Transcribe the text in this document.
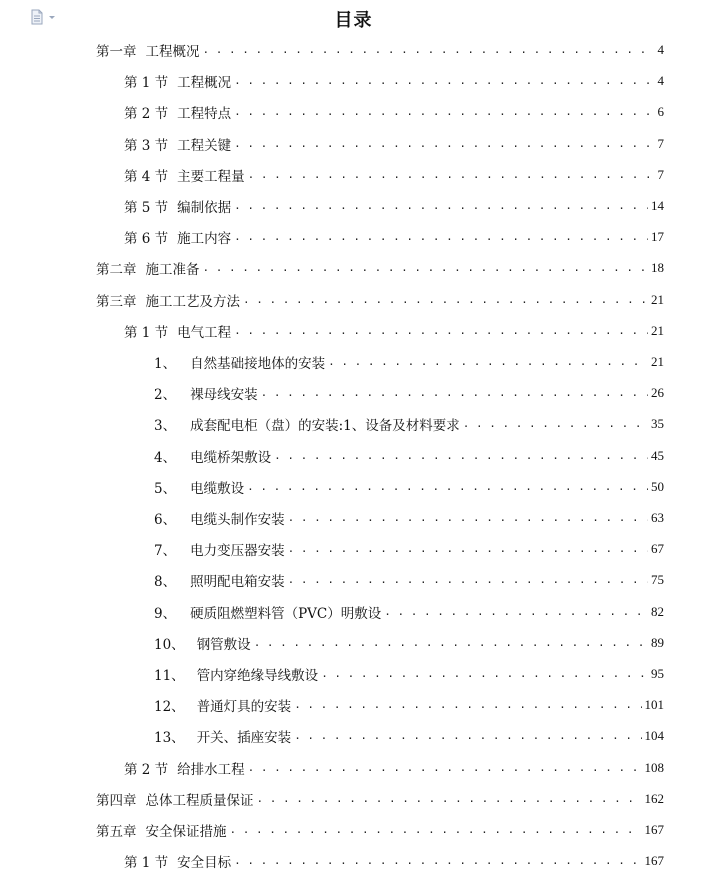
目录
第一章 工程概况 . . .	4
第 1 节 工程概况 . . .	4
第 2 节 工程特点 . . .	6
第 3 节 工程关键 . . .	7
第 4 节 主要工程量 . . .	7
第 5 节 编制依据 . . .	14
第 6 节 施工内容 . . .	17
第二章 施工准备 . . .	18
第三章 施工工艺及方法 . . .	21
第 1 节 电气工程 . . .	21
1、 自然基础接地体的安装 . . .	21
2、 裸母线安装 . . .	26
3、 成套配电柜（盘）的安装:1、设备及材料要求 . . .	35
4、 电缆桥架敷设 . . .	45
5、 电缆敷设 . . .	50
6、 电缆头制作安装 . . .	63
7、 电力变压器安装 . . .	67
8、 照明配电箱安装 . . .	75
9、 硬质阻燃塑料管（PVC）明敷设 . . .	82
10、 钢管敷设 . . .	89
11、 管内穿绝缘导线敷设 . . .	95
12、 普通灯具的安装 . . .	101
13、 开关、插座安装 . . .	104
第 2 节 给排水工程 . . .	108
第四章 总体工程质量保证 . . .	162
第五章 安全保证措施 . . .	167
第 1 节 安全目标 . . .	167
